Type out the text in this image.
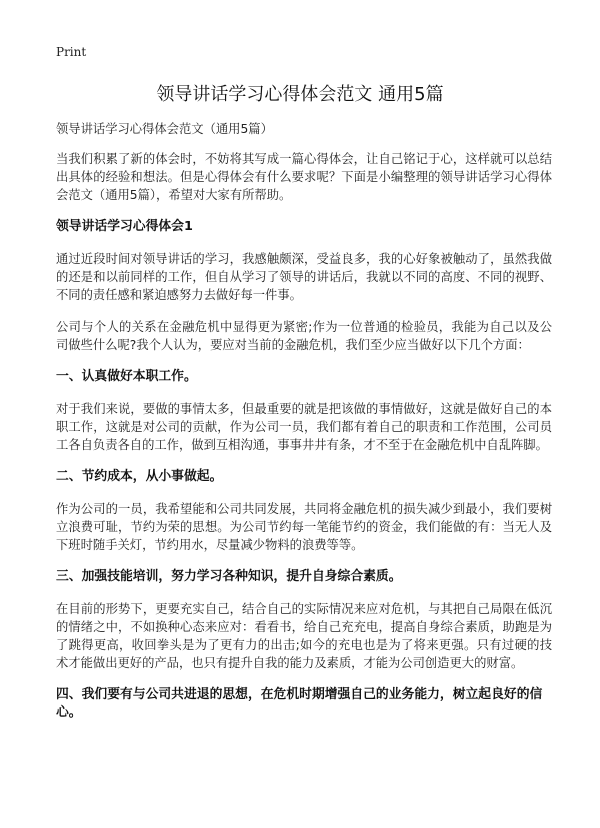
Print
领导讲话学习心得体会范文 通用5篇

领导讲话学习心得体会范文（通用5篇）

当我们积累了新的体会时，不妨将其写成一篇心得体会，让自己铭记于心，这样就可以总结出具体的经验和想法。但是心得体会有什么要求呢？下面是小编整理的领导讲话学习心得体会范文（通用5篇），希望对大家有所帮助。

领导讲话学习心得体会1

通过近段时间对领导讲话的学习，我感触颇深，受益良多，我的心好象被触动了，虽然我做的还是和以前同样的工作，但自从学习了领导的讲话后，我就以不同的高度、不同的视野、不同的责任感和紧迫感努力去做好每一件事。

公司与个人的关系在金融危机中显得更为紧密;作为一位普通的检验员，我能为自己以及公司做些什么呢?我个人认为，要应对当前的金融危机，我们至少应当做好以下几个方面：

一、认真做好本职工作。

对于我们来说，要做的事情太多，但最重要的就是把该做的事情做好，这就是做好自己的本职工作，这就是对公司的贡献，作为公司一员，我们都有着自己的职责和工作范围，公司员工各自负责各自的工作，做到互相沟通，事事井井有条，才不至于在金融危机中自乱阵脚。

二、节约成本，从小事做起。

作为公司的一员，我希望能和公司共同发展，共同将金融危机的损失减少到最小，我们要树立浪费可耻，节约为荣的思想。为公司节约每一笔能节约的资金，我们能做的有：当无人及下班时随手关灯，节约用水，尽量减少物料的浪费等等。

三、加强技能培训，努力学习各种知识，提升自身综合素质。

在目前的形势下，更要充实自己，结合自己的实际情况来应对危机，与其把自己局限在低沉的情绪之中，不如换种心态来应对：看看书，给自己充充电，提高自身综合素质，助跑是为了跳得更高，收回拳头是为了更有力的出击;如今的充电也是为了将来更强。只有过硬的技术才能做出更好的产品，也只有提升自我的能力及素质，才能为公司创造更大的财富。

四、我们要有与公司共进退的思想，在危机时期增强自己的业务能力，树立起良好的信心。
